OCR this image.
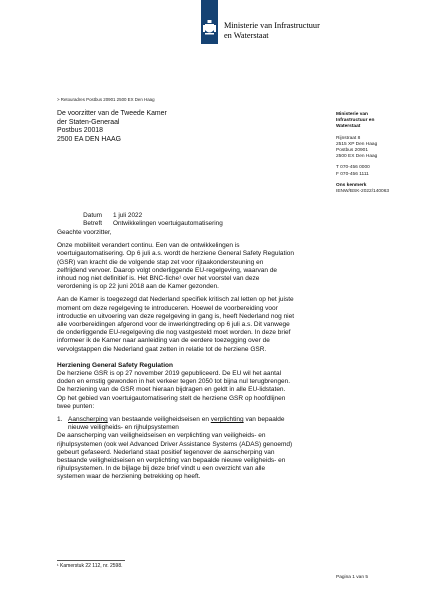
Ministerie van Infrastructuur
en Waterstaat
> Retouradres Postbus 20901 2500 EX Den Haag
De voorzitter van de Tweede Kamer
der Staten-Generaal
Postbus 20018
2500 EA DEN HAAG
Ministerie van
Infrastructuur en
Waterstaat
Rijnstraat 8
2515 XP Den Haag
Postbus 20901
2500 EX Den Haag
T 070-456 0000
F 070-456 1111
Ons kenmerk
IENW/BSK-2022/140063
Datum	1 juli 2022
Betreft	Ontwikkelingen voertuigautomatisering

Geachte voorzitter,

Onze mobiliteit verandert continu. Een van de ontwikkelingen is
voertuigautomatisering. Op 6 juli a.s. wordt de herziene General Safety Regulation
(GSR) van kracht die de volgende stap zet voor rijtaakondersteuning en
zelfrijdend vervoer. Daarop volgt onderliggende EU-regelgeving, waarvan de
inhoud nog niet definitief is. Het BNC-fiche¹ over het voorstel van deze
verordening is op 22 juni 2018 aan de Kamer gezonden.
Aan de Kamer is toegezegd dat Nederland specifiek kritisch zal letten op het juiste
moment om deze regelgeving te introduceren. Hoewel de voorbereiding voor
introductie en uitvoering van deze regelgeving in gang is, heeft Nederland nog niet
alle voorbereidingen afgerond voor de inwerkingtreding op 6 juli a.s. Dit vanwege
de onderliggende EU-regelgeving die nog vastgesteld moet worden. In deze brief
informeer ik de Kamer naar aanleiding van de eerdere toezegging over de
vervolgstappen die Nederland gaat zetten in relatie tot de herziene GSR.
Herziening General Safety Regulation
De herziene GSR is op 27 november 2019 gepubliceerd. De EU wil het aantal
doden en ernstig gewonden in het verkeer tegen 2050 tot bijna nul terugbrengen.
De herziening van de GSR moet hieraan bijdragen en geldt in alle EU-lidstaten.
Op het gebied van voertuigautomatisering stelt de herziene GSR op hoofdlijnen
twee punten:
1. Aanscherping van bestaande veiligheidseisen en verplichting van bepaalde
nieuwe veiligheids- en rijhulpsystemen
De aanscherping van veiligheidseisen en verplichting van veiligheids- en
rijhulpsystemen (ook wel Advanced Driver Assistance Systems (ADAS) genoemd)
gebeurt gefaseerd. Nederland staat positief tegenover de aanscherping van
bestaande veiligheidseisen en verplichting van bepaalde nieuwe veiligheids- en
rijhulpsystemen. In de bijlage bij deze brief vindt u een overzicht van alle
systemen waar de herziening betrekking op heeft.
¹ Kamerstuk 22 112, nr. 2598.
Pagina 1 van 5
